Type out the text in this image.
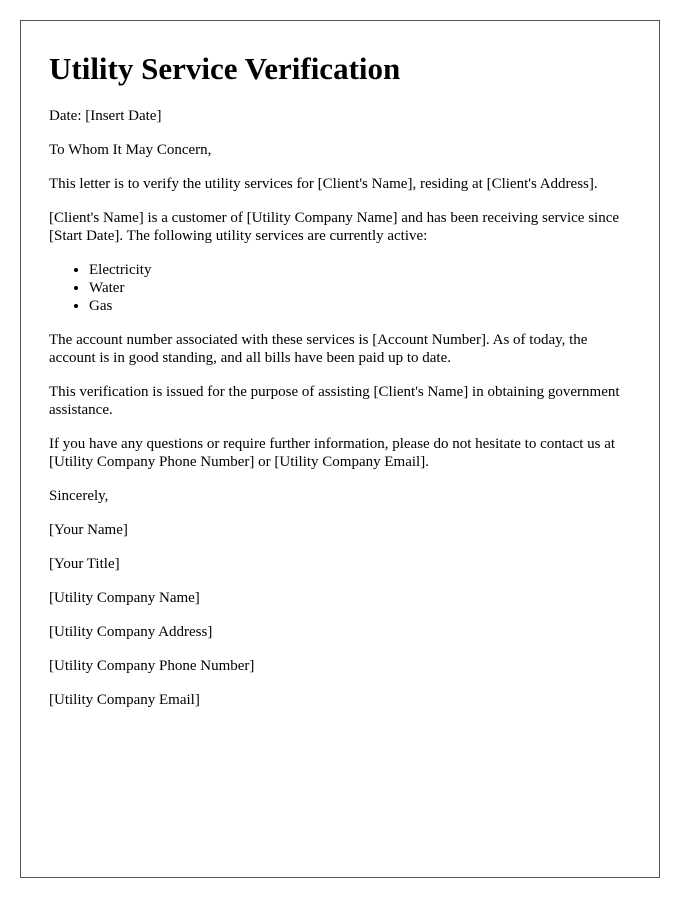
Utility Service Verification

Date: [Insert Date]

To Whom It May Concern,

This letter is to verify the utility services for [Client's Name], residing at [Client's Address].

[Client's Name] is a customer of [Utility Company Name] and has been receiving service since [Start Date]. The following utility services are currently active:

• Electricity
• Water
• Gas

The account number associated with these services is [Account Number]. As of today, the account is in good standing, and all bills have been paid up to date.

This verification is issued for the purpose of assisting [Client's Name] in obtaining government assistance.

If you have any questions or require further information, please do not hesitate to contact us at [Utility Company Phone Number] or [Utility Company Email].

Sincerely,

[Your Name]

[Your Title]

[Utility Company Name]

[Utility Company Address]

[Utility Company Phone Number]

[Utility Company Email]
